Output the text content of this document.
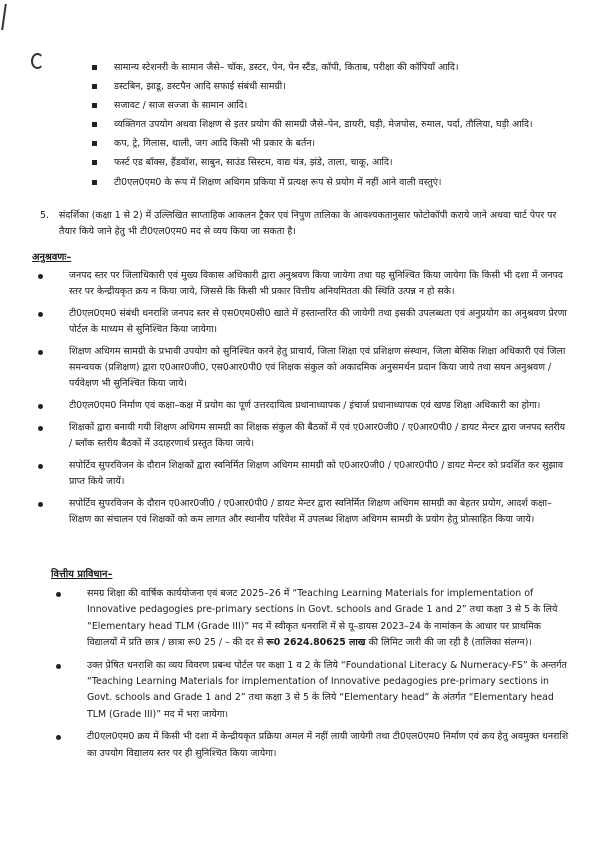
सामान्य स्टेशनरी के सामान जैसे– चॉक, डस्टर, पेन, पेन स्टैंड, कॉपी, किताब, परीक्षा की कॉपियाँ आदि।
डस्टबिन, झाडू, डस्टपैन आदि सफाई संबंधी सामग्री।
सजावट / साज सज्जा के सामान आदि।
व्यक्तिगत उपयोग अथवा शिक्षण से इतर प्रयोग की सामग्री जैसे–पेन, डायरी, घड़ी, मेजपोस, रुमाल, पर्दा, तौलिया, घड़ी आदि।
कप, ट्रे, गिलास, थाली, जग आदि किसी भी प्रकार के बर्तन।
फर्स्ट एड बॉक्स, हैंडवॉश, साबुन, साउंड सिस्टम, वाद्य यंत्र, झंडे, ताला, चाकू, आदि।
टी0एल0एम0 के रूप में शिक्षण अधिगम प्रकिया में प्रत्यक्ष रूप से प्रयोग में नहीं आने वाली वस्तुएं।
5. संदर्शिका (कक्षा 1 से 2) में उल्लिखित साप्ताहिक आकलन ट्रैकर एवं निपुण तालिका के आवश्यकतानुसार फोटोकॉपी कराये जाने अथवा चार्ट पेपर पर तैयार किये जाने हेतु भी टी0एल0एम0 मद से व्यय किया जा सकता है।
अनुश्रवणः–
जनपद स्तर पर जिलाधिकारी एवं मुख्य विकास अधिकारी द्वारा अनुश्रवण किया जायेगा तथा यह सुनिश्चित किया जायेगा कि किसी भी दशा में जनपद स्तर पर केन्द्रीयकृत क्रय न किया जाये, जिससे कि किसी भी प्रकार वित्तीय अनियमितता की स्थिति उत्पन्न न हो सके।
टी0एल0एम0 संबंधी धनराशि जनपद स्तर से एस0एम0सी0 खाते में हस्तान्तरित की जायेगी तथा इसकी उपलब्धता एवं अनुप्रयोग का अनुश्रवण प्रेरणा पोर्टल के माध्यम से सुनिश्चित किया जायेगा।
शिक्षण अधिगम सामग्री के प्रभावी उपयोग को सुनिश्चित करने हेतु प्राचार्य, जिला शिक्षा एवं प्रशिक्षण संस्थान, जिला बेसिक शिक्षा अधिकारी एवं जिला समन्वयक (प्रशिक्षण) द्वारा ए0आर0जी0, एस0आर0पी0 एवं शिक्षक संकुल को अकादमिक अनुसमर्थन प्रदान किया जाये तथा सघन अनुश्रवण / पर्यवेक्षण भी सुनिश्चित किया जाये।
टी0एल0एम0 निर्माण एवं कक्षा–कक्ष में प्रयोग का पूर्ण उत्तरदायित्व प्रधानाध्यापक / इंचार्ज प्रधानाध्यापक एवं खण्ड शिक्षा अधिकारी का होगा।
शिक्षकों द्वारा बनायी गयी शिक्षण अधिगम सामग्री का शिक्षक संकुल की बैठकों में एवं ए0आर0जी0 / ए0आर0पी0 / डायट मेन्टर द्वारा जनपद स्तरीय / ब्लॉक स्तरीय बैठकों में उदाहरणार्थ प्रस्तुत किया जाये।
सपोर्टिव सुपरविजन के दौरान शिक्षकों द्वारा स्वनिर्मित शिक्षण अधिगम सामग्री को ए0आर0जी0 / ए0आर0पी0 / डायट मेन्टर को प्रदर्शित कर सुझाव प्राप्त किये जायें।
सपोर्टिव सुपरविजन के दौरान ए0आर0जी0 / ए0आर0पी0 / डायट मेन्टर द्वारा स्वनिर्मित शिक्षण अधिगम सामग्री का बेहतर प्रयोग, आदर्श कक्षा–शिक्षण का संचालन एवं शिक्षकों को कम लागत और स्थानीय परिवेश में उपलब्ध शिक्षण अधिगम सामग्री के प्रयोग हेतु प्रोत्साहित किया जाये।
वित्तीय प्राविधान–
समग्र शिक्षा की वार्षिक कार्ययोजना एवं बजट 2025–26 में “Teaching Learning Materials for implementation of Innovative pedagogies pre-primary sections in Govt. schools and Grade 1 and 2” तथा कक्षा 3 से 5 के लिये “Elementary head TLM (Grade III)” मद में स्वीकृत धनराशि में से यू–डायस 2023–24 के नामांकन के आधार पर प्राथमिक विद्यालयों में प्रति छात्र / छात्रा रू0 25 / – की दर से रू0 2624.80625 लाख की लिमिट जारी की जा रही है (तालिका संलग्न)।
उक्त प्रेषित धनराशि का व्यय विवरण प्रबन्ध पोर्टल पर कक्षा 1 व 2 के लिये “Foundational Literacy & Numeracy-FS” के अन्तर्गत “Teaching Learning Materials for implementation of Innovative pedagogies pre-primary sections in Govt. schools and Grade 1 and 2” तथा कक्षा 3 से 5 के लिये “Elementary head” के अंतर्गत “Elementary head TLM (Grade III)” मद में भरा जायेगा।
टी0एल0एम0 क्रय में किसी भी दशा में केन्द्रीयकृत प्रक्रिया अमल में नहीं लायी जायेगी तथा टी0एल0एम0 निर्माण एवं क्रय हेतु अवमुक्त धनराशि का उपयोग विद्यालय स्तर पर ही सुनिश्चित किया जायेगा।
